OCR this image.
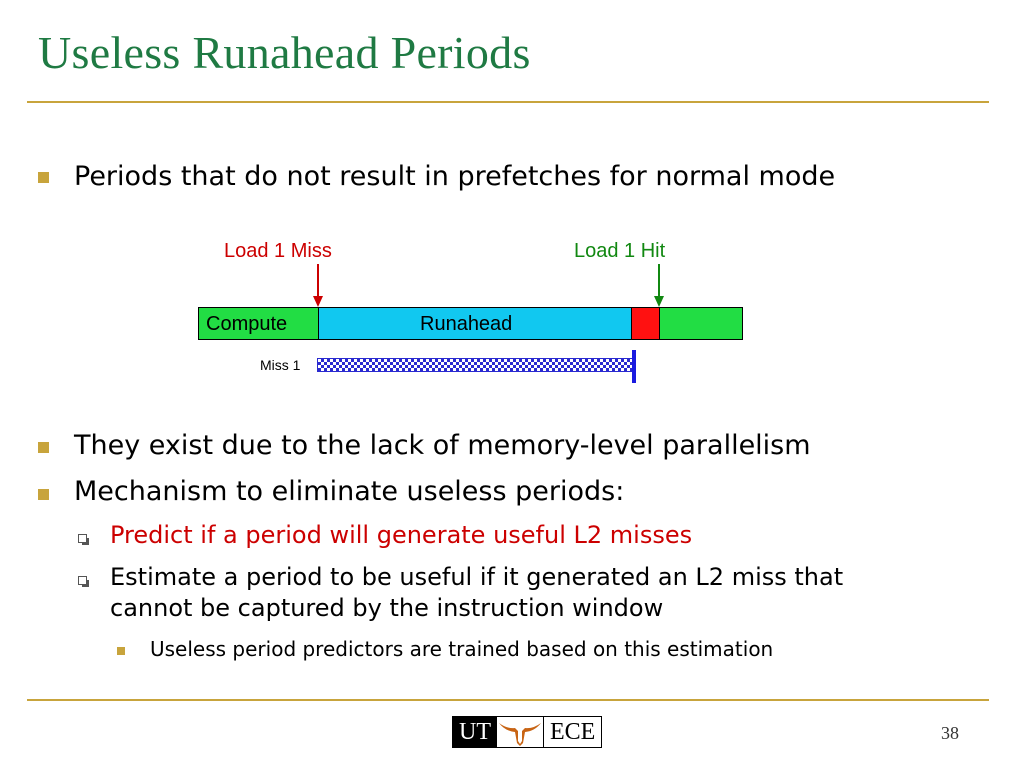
Useless Runahead Periods
Periods that do not result in prefetches for normal mode
Load 1 Miss	Load 1 Hit
Compute	Runahead
Miss 1
They exist due to the lack of memory-level parallelism
Mechanism to eliminate useless periods:
Predict if a period will generate useful L2 misses
Estimate a period to be useful if it generated an L2 miss that
cannot be captured by the instruction window
Useless period predictors are trained based on this estimation
UT ECE	38
